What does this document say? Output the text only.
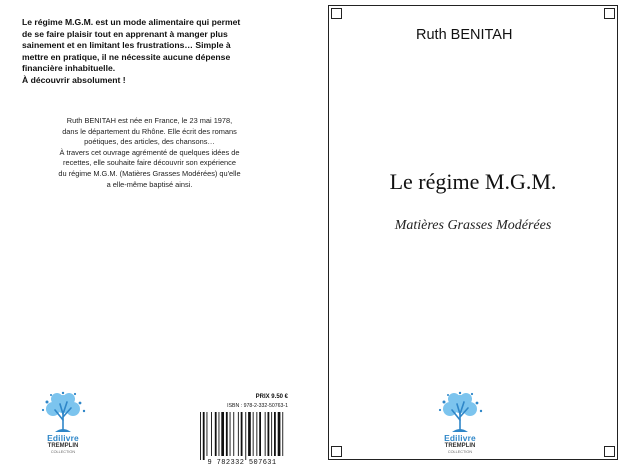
Le régime M.G.M. est un mode alimentaire qui permet
de se faire plaisir tout en apprenant à manger plus
sainement et en limitant les frustrations… Simple à
mettre en pratique, il ne nécessite aucune dépense
financière inhabituelle.
À découvrir absolument !
Ruth BENITAH est née en France, le 23 mai 1978,
dans le département du Rhône. Elle écrit des romans
poétiques, des articles, des chansons…
À travers cet ouvrage agrémenté de quelques idées de
recettes, elle souhaite faire découvrir son expérience
du régime M.G.M. (Matières Grasses Modérées) qu'elle
a elle-même baptisé ainsi.
Edilivre
TREMPLIN
COLLECTION
PRIX 9.50 €
ISBN : 978-2-332-50763-1
9 782332 507631
Ruth BENITAH
Le régime M.G.M.
Matières Grasses Modérées
Edilivre
TREMPLIN
COLLECTION
